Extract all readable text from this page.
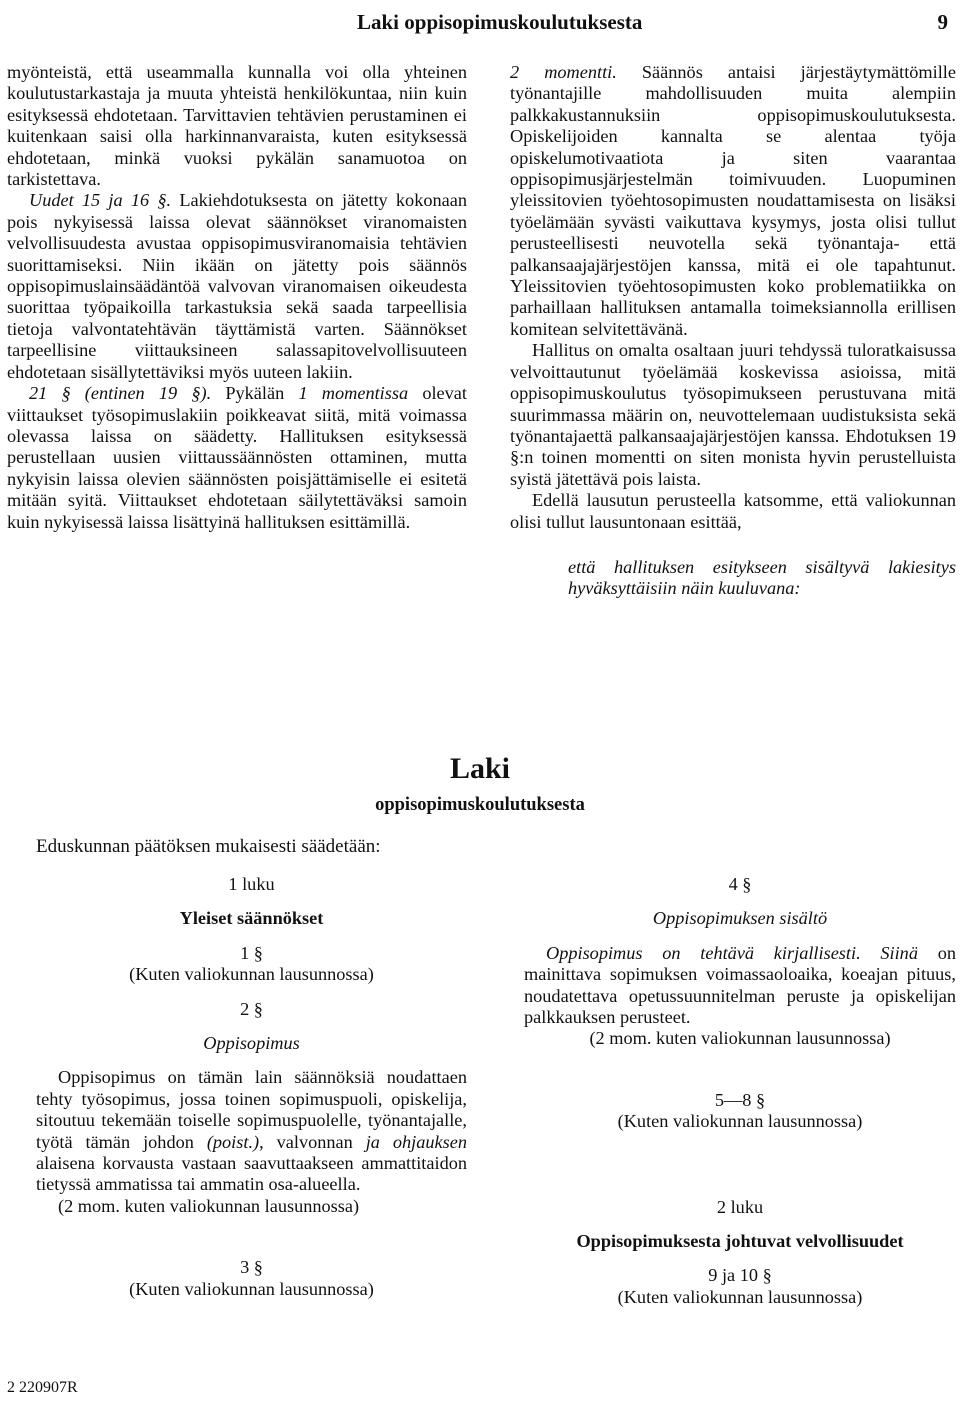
Laki oppisopimuskoulutuksesta	9

myönteistä, että useammalla kunnalla voi olla yhteinen koulutustarkastaja ja muuta yhteistä henkilökuntaa, niin kuin esityksessä ehdotetaan. Tarvittavien tehtävien perustaminen ei kuitenkaan saisi olla harkinnanvaraista, kuten esityksessä ehdotetaan, minkä vuoksi pykälän sanamuotoa on tarkistettava.

Uudet 15 ja 16 §. Lakiehdotuksesta on jätetty kokonaan pois nykyisessä laissa olevat säännökset viranomaisten velvollisuudesta avustaa oppisopimusviranomaisia tehtävien suorittamiseksi. Niin ikään on jätetty pois säännös oppisopimuslainsäädäntöä valvovan viranomaisen oikeudesta suorittaa työpaikoilla tarkastuksia sekä saada tarpeellisia tietoja valvontatehtävän täyttämistä varten. Säännökset tarpeellisine viittauksineen salassapitovelvollisuuteen ehdotetaan sisällytettäviksi myös uuteen lakiin.

21 § (entinen 19 §). Pykälän 1 momentissa olevat viittaukset työsopimuslakiin poikkeavat siitä, mitä voimassa olevassa laissa on säädetty. Hallituksen esityksessä perustellaan uusien viittaussäännösten ottaminen, mutta nykyisin laissa olevien säännösten poisjättämiselle ei esitetä mitään syitä. Viittaukset ehdotetaan säilytettäväksi samoin kuin nykyisessä laissa lisättyinä hallituksen esittämillä.

2 momentti. Säännös antaisi järjestäytymättömille työnantajille mahdollisuuden muita alempiin palkkakustannuksiin oppisopimuskoulutuksesta. Opiskelijoiden kannalta se alentaa työja opiskelumotivaatiota ja siten vaarantaa oppisopimusjärjestelmän toimivuuden. Luopuminen yleissitovien työehtosopimusten noudattamisesta on lisäksi työelämään syvästi vaikuttava kysymys, josta olisi tullut perusteellisesti neuvotella sekä työnantaja- että palkansaajajärjestöjen kanssa, mitä ei ole tapahtunut. Yleissitovien työehtosopimusten koko problematiikka on parhaillaan hallituksen antamalla toimeksiannolla erillisen komitean selvitettävänä.

Hallitus on omalta osaltaan juuri tehdyssä tuloratkaisussa velvoittautunut työelämää koskevissa asioissa, mitä oppisopimuskoulutus työsopimukseen perustuvana mitä suurimmassa määrin on, neuvottelemaan uudistuksista sekä työnantajaettä palkansaajajärjestöjen kanssa. Ehdotuksen 19 §:n toinen momentti on siten monista hyvin perustelluista syistä jätettävä pois laista.

Edellä lausutun perusteella katsomme, että valiokunnan olisi tullut lausuntonaan esittää,

että hallituksen esitykseen sisältyvä lakiesitys hyväksyttäisiin näin kuuluvana:

Laki
oppisopimuskoulutuksesta
Eduskunnan päätöksen mukaisesti säädetään:

1 luku

Yleiset säännökset

1 §

(Kuten valiokunnan lausunnossa)

2 §

Oppisopimus

Oppisopimus on tämän lain säännöksiä noudattaen tehty työsopimus, jossa toinen sopimuspuoli, opiskelija, sitoutuu tekemään toiselle sopimuspuolelle, työnantajalle, työtä tämän johdon (poist.), valvonnan ja ohjauksen alaisena korvausta vastaan saavuttaakseen ammattitaidon tietyssä ammatissa tai ammatin osa-alueella.

(2 mom. kuten valiokunnan lausunnossa)

3 §

(Kuten valiokunnan lausunnossa)

4 §

Oppisopimuksen sisältö

Oppisopimus on tehtävä kirjallisesti. Siinä on mainittava sopimuksen voimassaoloaika, koeajan pituus, noudatettava opetussuunnitelman peruste ja opiskelijan palkkauksen perusteet.

(2 mom. kuten valiokunnan lausunnossa)

5—8 §

(Kuten valiokunnan lausunnossa)

2 luku

Oppisopimuksesta johtuvat velvollisuudet

9 ja 10 §

(Kuten valiokunnan lausunnossa)

2 220907R
